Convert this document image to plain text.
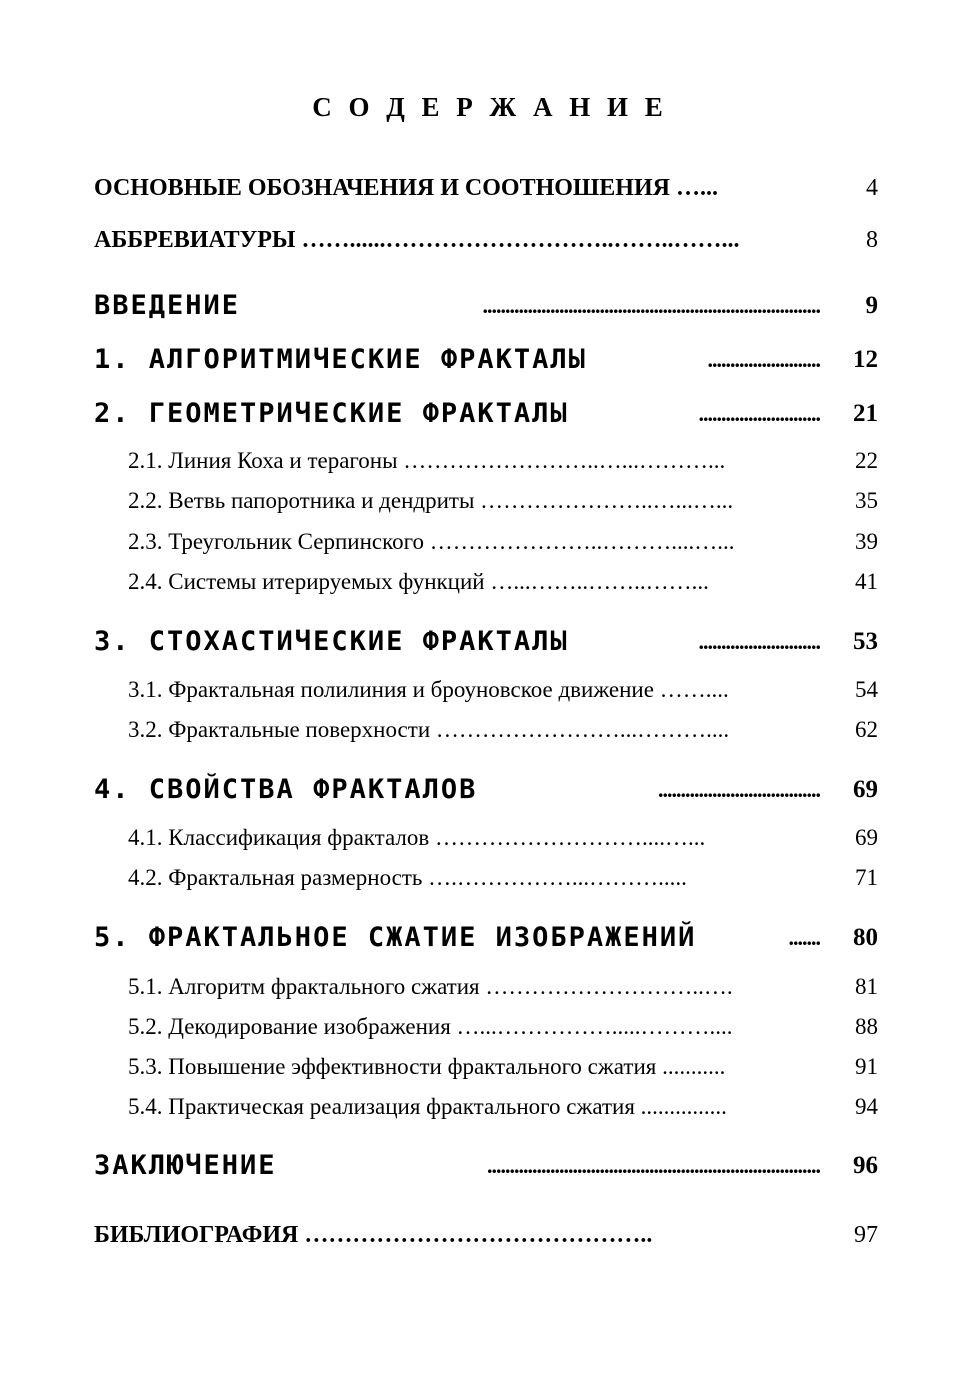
С О Д Е Р Ж А Н И Е
ОСНОВНЫЕ ОБОЗНАЧЕНИЯ И СООТНОШЕНИЯ …...	4
АББРЕВИАТУРЫ ……......………………………..……..……...	8
ВВЕДЕНИЕ	........................................................................... 9
1. АЛГОРИТМИЧЕСКИЕ ФРАКТАЛЫ	......................... 12
2. ГЕОМЕТРИЧЕСКИЕ ФРАКТАЛЫ	........................... 21
2.1. Линия Коха и терагоны ……………………..…...………...	22
2.2. Ветвь папоротника и дендриты …………………..…...…...	35
2.3. Треугольник Серпинского …………………..………....…...	39
2.4. Системы итерируемых функций …...……..……..……...	41
3. СТОХАСТИЧЕСКИЕ ФРАКТАЛЫ	........................... 53
3.1. Фрактальная полилиния и броуновское движение ……....	54
3.2. Фрактальные поверхности ……………………...………....	62
4. СВОЙСТВА ФРАКТАЛОВ	.................................... 69
4.1. Классификация фракталов ………………………....…...	69
4.2. Фрактальная размерность ….……………...……….....	71
5. ФРАКТАЛЬНОЕ СЖАТИЕ ИЗОБРАЖЕНИЙ	....... 80
5.1. Алгоритм фрактального сжатия ………………………..….	81
5.2. Декодирование изображения …...…………….....………....	88
5.3. Повышение эффективности фрактального сжатия ...........	91
5.4. Практическая реализация фрактального сжатия ...............	94
ЗАКЛЮЧЕНИЕ	.......................................................................... 96
БИБЛИОГРАФИЯ ……………………………………..	97
